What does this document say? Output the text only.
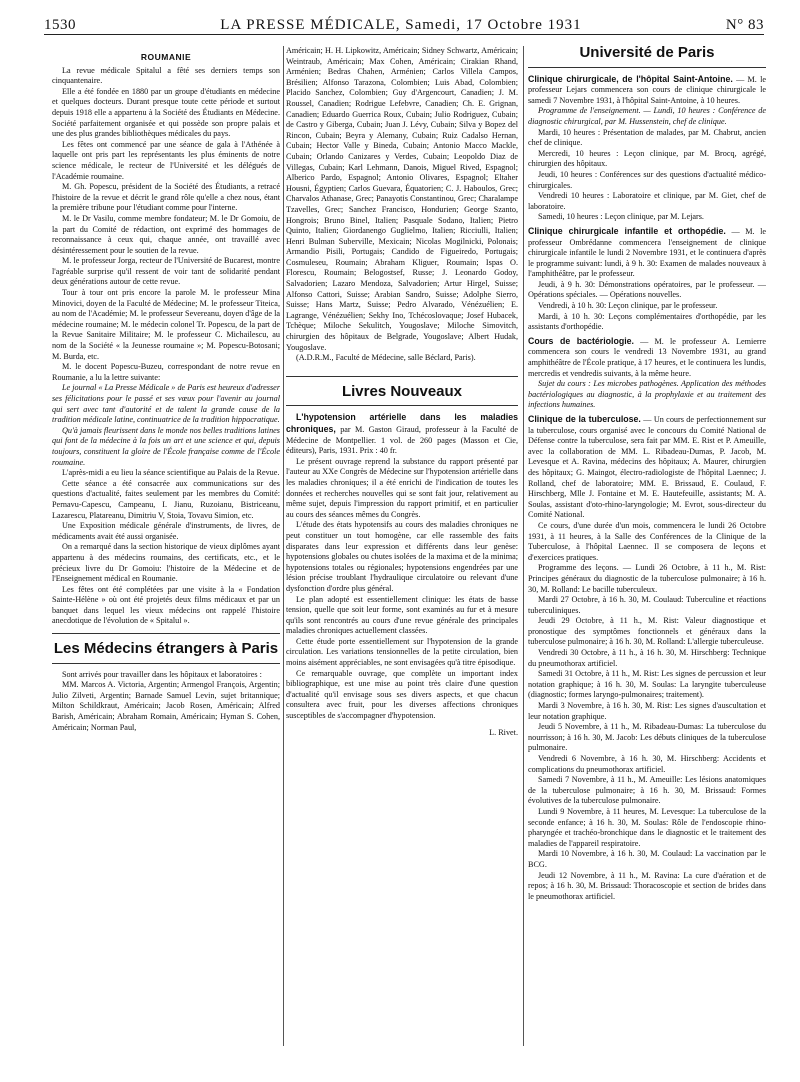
1530	LA PRESSE MÉDICALE, Samedi, 17 Octobre 1931	N° 83
ROUMANIE

La revue médicale Spitalul a fêté ses derniers temps son cinquantenaire.

Elle a été fondée en 1880 par un groupe d'étudiants en médecine et quelques docteurs. Durant presque toute cette période et surtout depuis 1918 elle a appartenu à la Société des Étudiants en Médecine. Société parfaitement organisée et qui possède son propre palais et une des plus grandes bibliothèques médicales du pays.

Les fêtes ont commencé par une séance de gala à l'Athénée à laquelle ont pris part les représentants les plus éminents de notre science médicale, le recteur de l'Université et les délégués de l'Académie roumaine.

M. Gh. Popescu, président de la Société des Étudiants, a retracé l'histoire de la revue et décrit le grand rôle qu'elle a chez nous, étant la première tribune pour l'étudiant comme pour l'interne.

M. le Dr Vasilu, comme membre fondateur; M. le Dr Gomoiu, de la part du Comité de rédaction, ont exprimé des hommages de reconnaissance à ceux qui, chaque année, ont travaillé avec désintéressement pour le soutien de la revue.

M. le professeur Jorga, recteur de l'Université de Bucarest, montre l'agréable surprise qu'il ressent de voir tant de solidarité pendant deux générations autour de cette revue.

Tour à tour ont pris encore la parole M. le professeur Mina Minovici, doyen de la Faculté de Médecine; M. le professeur Titeica, au nom de l'Académie; M. le professeur Severeanu, doyen d'âge de la médecine roumaine; M. le médecin colonel Tr. Popescu, de la part de la Revue Sanitaire Militaire; M. le professeur C. Michailescu, au nom de la Société « la Jeunesse roumaine »; M. Popescu-Botosani; M. Burda, etc.

M. le docent Popescu-Buzeu, correspondant de notre revue en Roumanie, a lu la lettre suivante:

Le journal « La Presse Médicale » de Paris est heureux d'adresser ses félicitations pour le passé et ses vœux pour l'avenir au journal qui sert avec tant d'autorité et de talent la grande cause de la tradition médicale latine, continuatrice de la tradition hippocratique.

Qu'à jamais fleurissent dans le monde nos belles traditions latines qui font de la médecine à la fois un art et une science et qui, depuis toujours, constituent la gloire de l'École française comme de l'École roumaine.

L'après-midi a eu lieu la séance scientifique au Palais de la Revue.

Cette séance a été consacrée aux communications sur des questions d'actualité, faites seulement par les membres du Comité: Pernavu-Capescu, Campeanu, I. Jianu, Ruzoianu, Bistriceanu, Lazarescu, Platareanu, Dimitriu V, Stoia, Tovavu Simion, etc.

Une Exposition médicale générale d'instruments, de livres, de médicaments avait été aussi organisée.

On a remarqué dans la section historique de vieux diplômes ayant appartenu à des médecins roumains, des certificats, etc., et le précieux livre du Dr Gomoiu: l'histoire de la Médecine et de l'Enseignement médical en Roumanie.

Les fêtes ont été complétées par une visite à la « Fondation Sainte-Hélène » où ont été projetés deux films médicaux et par un banquet dans lequel les vieux médecins ont rappelé l'histoire anecdotique de l'évolution de « Spitalul ».

Les Médecins étrangers à Paris

Sont arrivés pour travailler dans les hôpitaux et laboratoires :

MM. Marcos A. Victoria, Argentin; Armengol François, Argentin; Julio Zilveti, Argentin; Barnade Samuel Levin, sujet britannique; Milton Schildkraut, Américain; Jacob Rosen, Américain; Alfred Barish, Américain; Abraham Romain, Américain; Hyman S. Cohen, Américain; Norman Paul,

Américain; H. H. Lipkowitz, Américain; Sidney Schwartz, Américain; Weintraub, Américain; Max Cohen, Américain; Cirakian Rhand, Arménien; Bedras Chahen, Arménien; Carlos Villela Campos, Brésilien; Alfonso Tarazona, Colombien; Luis Abad, Colombien; Placido Sanchez, Colombien; Guy d'Argencourt, Canadien; J. M. Roussel, Canadien; Rodrigue Lefebvre, Canadien; Ch. E. Grignan, Canadien; Eduardo Guerrica Roux, Cubain; Julio Rodriguez, Cubain; de Castro y Giberga, Cubain; Juan J. Lévy, Cubain; Silva y Bopez del Rincon, Cubain; Beyra y Alemany, Cubain; Ruiz Cadalso Hernan, Cubain; Hector Valle y Bineda, Cubain; Antonio Macco Mackle, Cubain; Orlando Canizares y Verdes, Cubain; Leopoldo Diaz de Villegas, Cubain; Karl Lehmann, Danois, Miguel Rived, Espagnol; Alberico Pardo, Espagnol; Antonio Olivares, Espagnol; Eltaher Housni, Égyptien; Carlos Guevara, Équatorien; C. J. Haboulos, Grec; Charvalos Athanase, Grec; Panayotis Constantinou, Grec; Charalampe Tzavelles, Grec; Sanchez Francisco, Hondurien; George Szanto, Hongrois; Bruno Binel, Italien; Pasquale Sodano, Italien; Pietro Quinto, Italien; Giordanengo Guglielmo, Italien; Ricciulli, Italien; Henri Bulman Suberville, Mexicain; Nicolas Mogilnicki, Polonais; Armandio Pisili, Portugais; Candido de Figueiredo, Portugais; Cosmuleseu, Roumain; Abraham Kliguer, Roumain; Ispas O. Florescu, Roumain; Belogostsef, Russe; J. Leonardo Godoy, Salvadorien; Lazaro Mendoza, Salvadorien; Artur Hirgel, Suisse; Alfonso Cattori, Suisse; Arabian Sandro, Suisse; Adolphe Sierro, Suisse; Hans Martz, Suisse; Pedro Alvarado, Vénézuélien; E. Lagrange, Vénézuélien; Sekhy Ino, Tchécoslovaque; Josef Hubacek, Tchèque; Miloche Sekulitch, Yougoslave; Miloche Simovitch, chirurgien des hôpitaux de Belgrade, Yougoslave; Albert Hudak, Yougoslave.

(A.D.R.M., Faculté de Médecine, salle Béclard, Paris).

Livres Nouveaux

L'hypotension artérielle dans les maladies chroniques, par M. Gaston Giraud, professeur à la Faculté de Médecine de Montpellier. 1 vol. de 260 pages (Masson et Cie, éditeurs), Paris, 1931. Prix : 40 fr.

Le présent ouvrage reprend la substance du rapport présenté par l'auteur au XXe Congrès de Médecine sur l'hypotension artérielle dans les maladies chroniques; il a été enrichi de l'indication de toutes les données et recherches nouvelles qui se sont fait jour, relativement au même sujet, depuis l'impression du rapport primitif, et en particulier au cours des séances mêmes du Congrès.

L'étude des états hypotensifs au cours des maladies chroniques ne peut constituer un tout homogène, car elle rassemble des faits disparates dans leur expression et différents dans leur genèse: hypotensions globales ou chutes isolées de la maxima et de la minima; hypotensions totales ou régionales; hypotensions engendrées par une lésion précise troublant l'hydraulique circulatoire ou relevant d'une dysfonction d'ordre plus général.

Le plan adopté est essentiellement clinique: les états de basse tension, quelle que soit leur forme, sont examinés au fur et à mesure qu'ils sont rencontrés au cours d'une revue générale des principales maladies chroniques actuellement classées.

Cette étude porte essentiellement sur l'hypotension de la grande circulation. Les variations tensionnelles de la petite circulation, bien moins aisément appréciables, ne sont envisagées qu'à titre épisodique.

Ce remarquable ouvrage, que complète un important index bibliographique, est une mise au point très claire d'une question d'actualité qu'il envisage sous ses divers aspects, et que chacun consultera avec fruit, pour les diverses affections chroniques susceptibles de s'accompagner d'hypotension.

L. Rivet.
Université de Paris

Clinique chirurgicale, de l'hôpital Saint-Antoine. — M. le professeur Lejars commencera son cours de clinique chirurgicale le samedi 7 Novembre 1931, à l'hôpital Saint-Antoine, à 10 heures.

Programme de l'enseignement. — Lundi, 10 heures : Conférence de diagnostic chirurgical, par M. Hussenstein, chef de clinique.

Mardi, 10 heures : Présentation de malades, par M. Chabrut, ancien chef de clinique.

Mercredi, 10 heures : Leçon clinique, par M. Brocq, agrégé, chirurgien des hôpitaux.

Jeudi, 10 heures : Conférences sur des questions d'actualité médico-chirurgicales.

Vendredi 10 heures : Laboratoire et clinique, par M. Giet, chef de laboratoire.

Samedi, 10 heures : Leçon clinique, par M. Lejars.

Clinique chirurgicale infantile et orthopédie. — M. le professeur Ombrédanne commencera l'enseignement de clinique chirurgicale infantile le lundi 2 Novembre 1931, et le continuera d'après le programme suivant: lundi, à 9 h. 30: Examen de malades nouveaux à l'amphithéâtre, par le professeur.

Jeudi, à 9 h. 30: Démonstrations opératoires, par le professeur. — Opérations spéciales. — Opérations nouvelles.

Vendredi, à 10 h. 30: Leçon clinique, par le professeur.

Mardi, à 10 h. 30: Leçons complémentaires d'orthopédie, par les assistants d'orthopédie.

Cours de bactériologie. — M. le professeur A. Lemierre commencera son cours le vendredi 13 Novembre 1931, au grand amphithéâtre de l'École pratique, à 17 heures, et le continuera les lundis, mercredis et vendredis suivants, à la même heure.

Sujet du cours : Les microbes pathogènes. Application des méthodes bactériologiques au diagnostic, à la prophylaxie et au traitement des infections humaines.

Clinique de la tuberculose. — Un cours de perfectionnement sur la tuberculose, cours organisé avec le concours du Comité National de Défense contre la tuberculose, sera fait par MM. E. Rist et P. Ameuille, avec la collaboration de MM. L. Ribadeau-Dumas, P. Jacob, M. Levesque et A. Ravina, médecins des hôpitaux; A. Maurer, chirurgien des hôpitaux; G. Maingot, électro-radiologiste de l'hôpital Laennec; J. Rolland, chef de laboratoire; MM. E. Brissaud, E. Coulaud, F. Hirschberg, Mlle J. Fontaine et M. E. Hautefeuille, assistants; M. A. Soulas, assistant d'oto-rhino-laryngologie; M. Evrot, sous-directeur du Comité National.

Ce cours, d'une durée d'un mois, commencera le lundi 26 Octobre 1931, à 11 heures, à la Salle des Conférences de la Clinique de la Tuberculose, à l'hôpital Laennec. Il se composera de leçons et d'exercices pratiques.

Programme des leçons. — Lundi 26 Octobre, à 11 h., M. Rist: Principes généraux du diagnostic de la tuberculose pulmonaire; à 16 h. 30, M. Rolland: Le bacille tuberculeux.

Mardi 27 Octobre, à 16 h. 30, M. Coulaud: Tuberculine et réactions tuberculiniques.

Jeudi 29 Octobre, à 11 h., M. Rist: Valeur diagnostique et pronostique des symptômes fonctionnels et généraux dans la tuberculose pulmonaire; à 16 h. 30, M. Rolland: L'allergie tuberculeuse.

Vendredi 30 Octobre, à 11 h., à 16 h. 30, M. Hirschberg: Technique du pneumothorax artificiel.

Samedi 31 Octobre, à 11 h., M. Rist: Les signes de percussion et leur notation graphique; à 16 h. 30, M. Soulas: La laryngite tuberculeuse (diagnostic; formes laryngo-pulmonaires; traitement).

Mardi 3 Novembre, à 16 h. 30, M. Rist: Les signes d'auscultation et leur notation graphique.

Jeudi 5 Novembre, à 11 h., M. Ribadeau-Dumas: La tuberculose du nourrisson; à 16 h. 30, M. Jacob: Les débuts cliniques de la tuberculose pulmonaire.

Vendredi 6 Novembre, à 16 h. 30, M. Hirschberg: Accidents et complications du pneumothorax artificiel.

Samedi 7 Novembre, à 11 h., M. Ameuille: Les lésions anatomiques de la tuberculose pulmonaire; à 16 h. 30, M. Brissaud: Formes évolutives de la tuberculose pulmonaire.

Lundi 9 Novembre, à 11 heures, M. Levesque: La tuberculose de la seconde enfance; à 16 h. 30, M. Soulas: Rôle de l'endoscopie rhino-pharyngée et trachéo-bronchique dans le diagnostic et le traitement des maladies de l'appareil respiratoire.

Mardi 10 Novembre, à 16 h. 30, M. Coulaud: La vaccination par le BCG.

Jeudi 12 Novembre, à 11 h., M. Ravina: La cure d'aération et de repos; à 16 h. 30, M. Brissaud: Thoracoscopie et section de brides dans le pneumothorax artificiel.
